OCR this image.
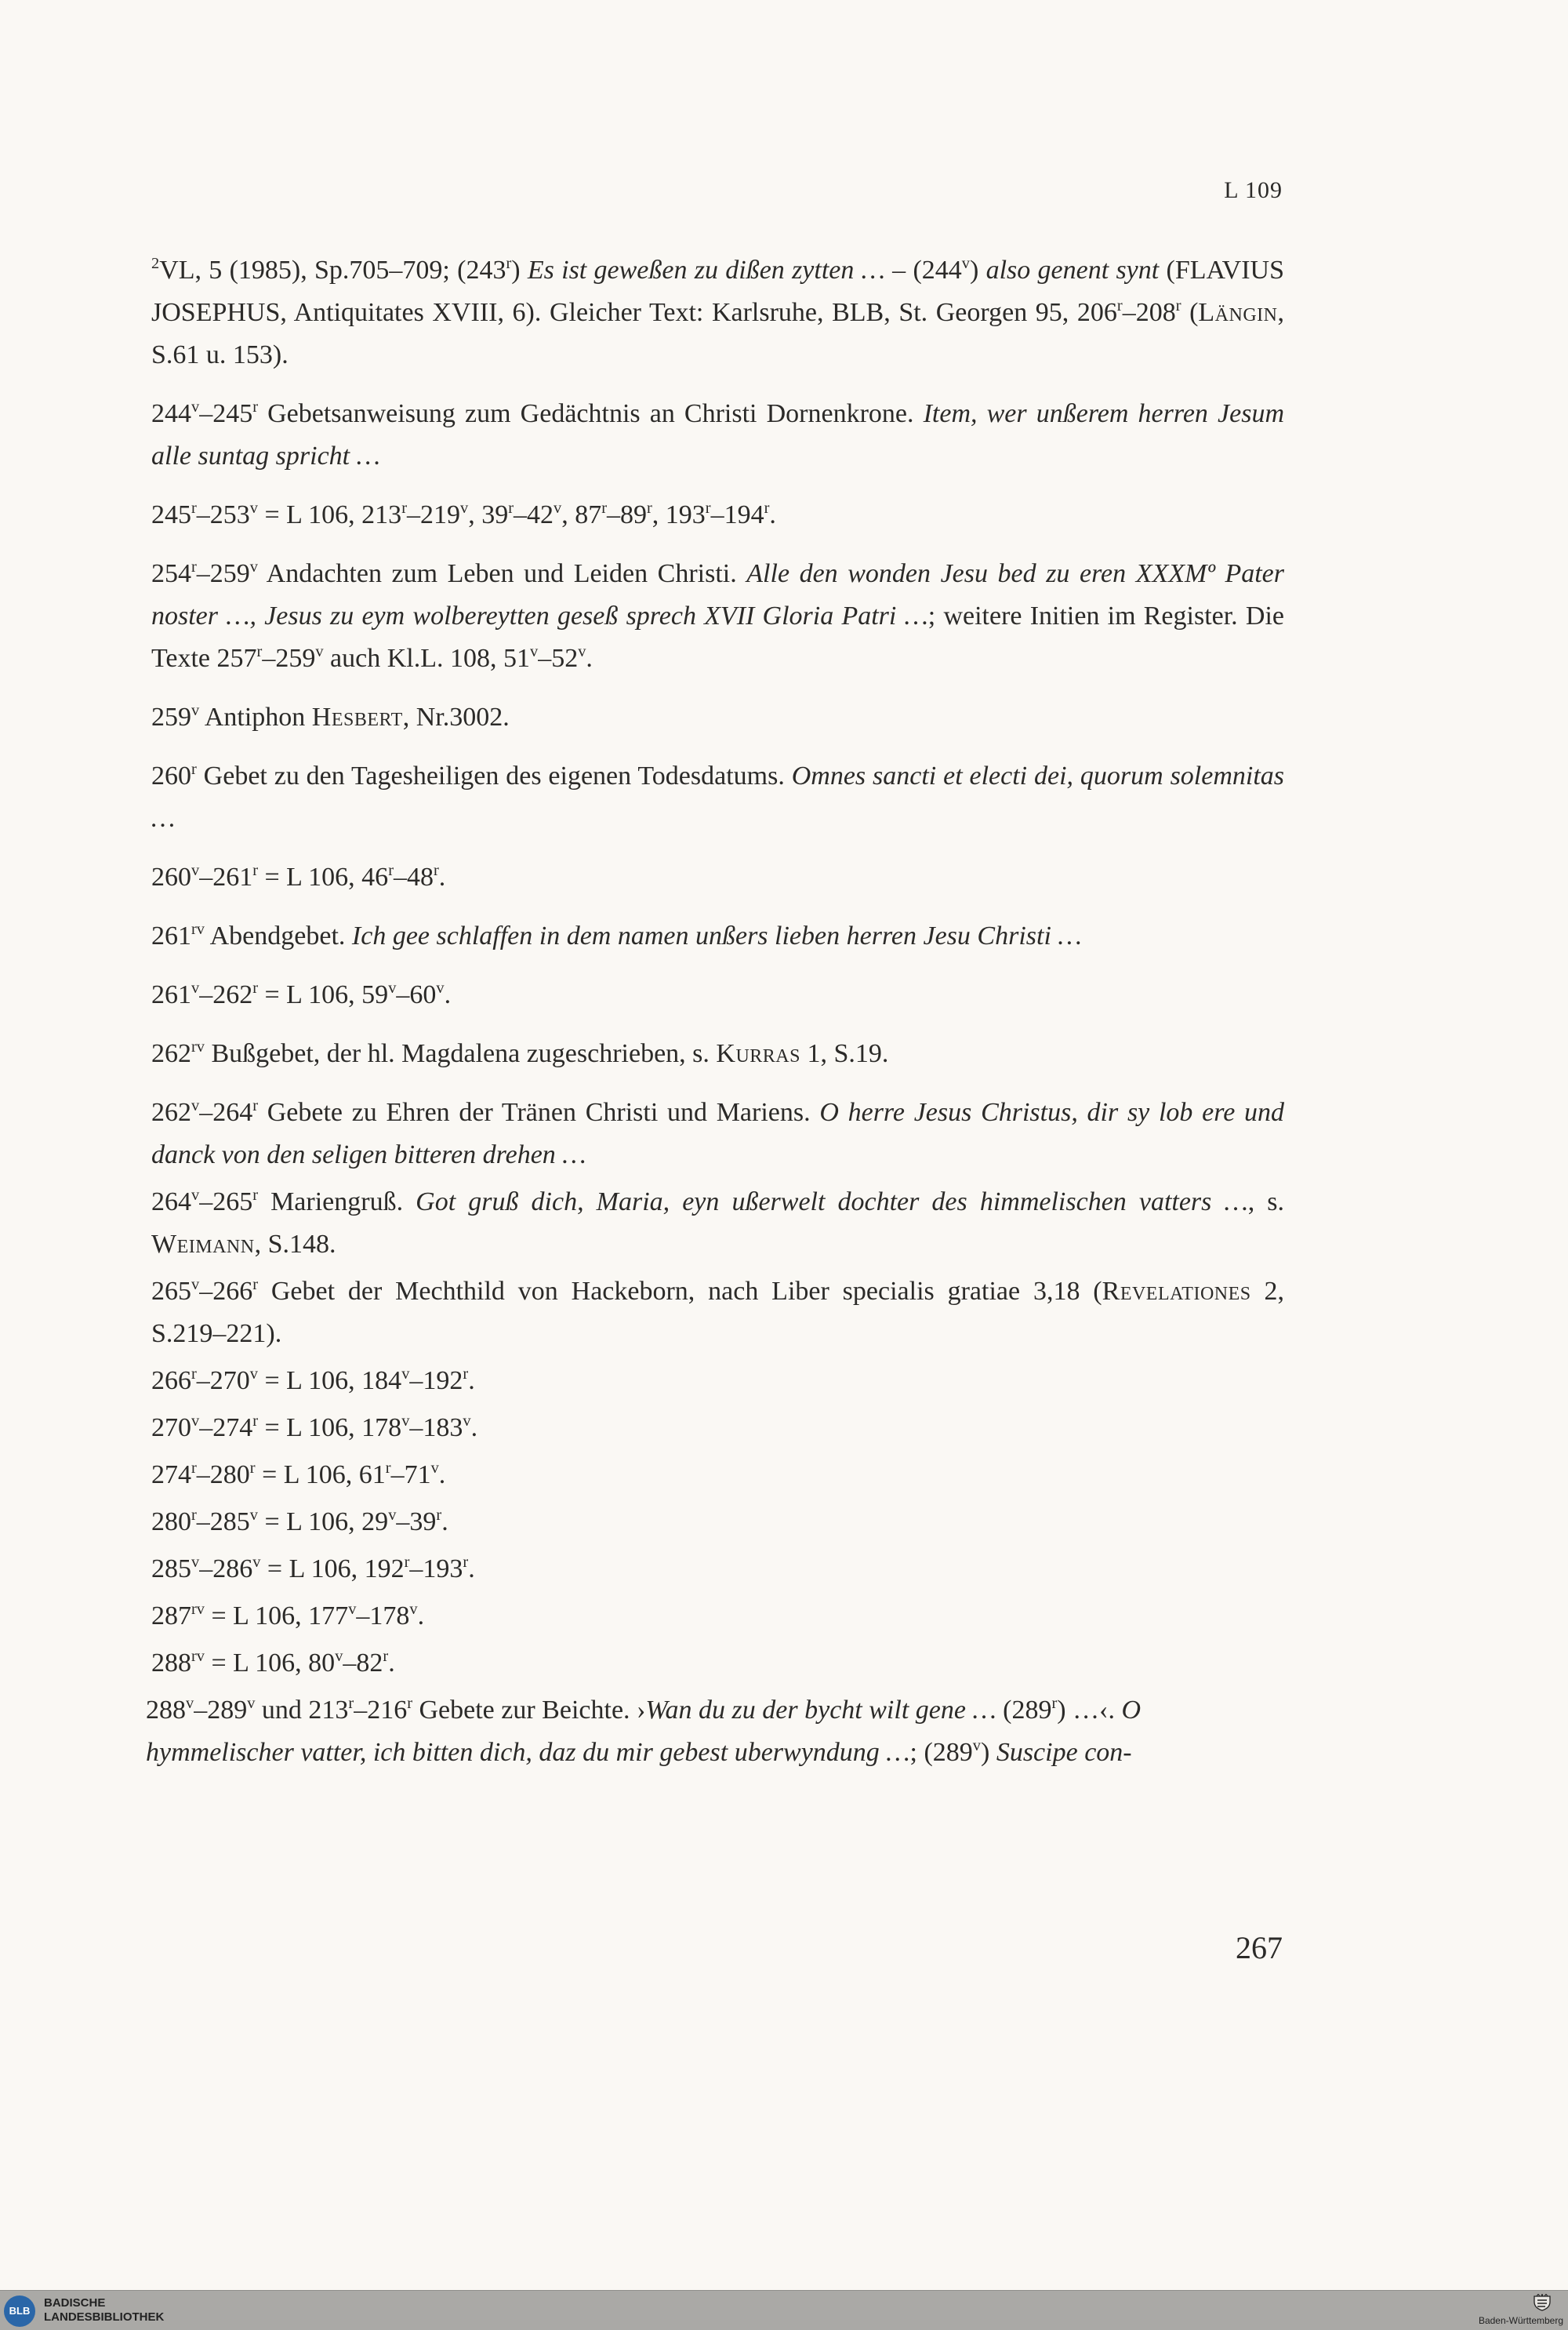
L 109

$^2$VL, 5 (1985), Sp.705–709; (243$^r$) Es ist geweßen zu dißen zytten … – (244$^v$) also genent synt (FLAVIUS JOSEPHUS, Antiquitates XVIII, 6). Gleicher Text: Karlsruhe, BLB, St. Georgen 95, 206$^r$–208$^r$ (Längin, S.61 u. 153).

244$^v$–245$^r$ Gebetsanweisung zum Gedächtnis an Christi Dornenkrone. Item, wer unßerem herren Jesum alle suntag spricht …

$245^r-253^v = L$ 106, 213$^r$–219$^v$, 39$^r$–42$^v$, 87$^r$–89$^r$, 193$^r$–194$^r$.

254$^r$–259$^v$ Andachten zum Leben und Leiden Christi. Alle den wonden Jesu bed zu eren XXXMº Pater noster …, Jesus zu eym wolbereytten geseß sprech XVII Gloria Patri …; weitere Initien im Register. Die Texte 257$^r$–259$^v$ auch Kl.L. 108, 51$^v$–52$^v$.

259$^v$ Antiphon Hesbert, Nr.3002.

260$^r$ Gebet zu den Tagesheiligen des eigenen Todesdatums. Omnes sancti et electi dei, quorum solemnitas …

$260^v-261^r = L$ 106, 46$^r$–48$^r$.

$261^{rv}$ Abendgebet. Ich gee schlaffen in dem namen unßers lieben herren Jesu Christi …

$261^v-262^r = L$ 106, 59$^v$–60$^v$.

$262^{rv}$ Bußgebet, der hl. Magdalena zugeschrieben, s. Kurras 1, S.19.

262$^v$–264$^r$ Gebete zu Ehren der Tränen Christi und Mariens. O herre Jesus Christus, dir sy lob ere und danck von den seligen bitteren drehen …

264$^v$–265$^r$ Mariengruß. Got gruß dich, Maria, eyn ußerwelt dochter des himmelischen vatters …, s. Weimann, S.148.

265$^v$–266$^r$ Gebet der Mechthild von Hackeborn, nach Liber specialis gratiae 3,18 (Revelationes 2, S.219–221).

$266^r-270^v = L$ 106, 184$^v$–192$^r$.

$270^v-274^r = L$ 106, 178$^v$–183$^v$.

$274^r-280^r = L$ 106, 61$^r$–71$^v$.

$280^r-285^v = L$ 106, 29$^v$–39$^r$.

$285^v-286^v = L$ 106, 192$^r$–193$^r$.

$287^{rv} = L$ 106, 177$^v$–178$^v$.

$288^{rv} = L$ 106, 80$^v$–82$^r$.

288$^v$–289$^v$ und 213$^r$–216$^r$ Gebete zur Beichte. ›Wan du zu der bycht wilt gene … (289$^r$) …‹. O hymmelischer vatter, ich bitten dich, daz du mir gebest uberwyndung …; (289$^v$) Suscipe con-

267
BLB
BADISCHE
LANDESBIBLIOTHEK	Baden-Württemberg
